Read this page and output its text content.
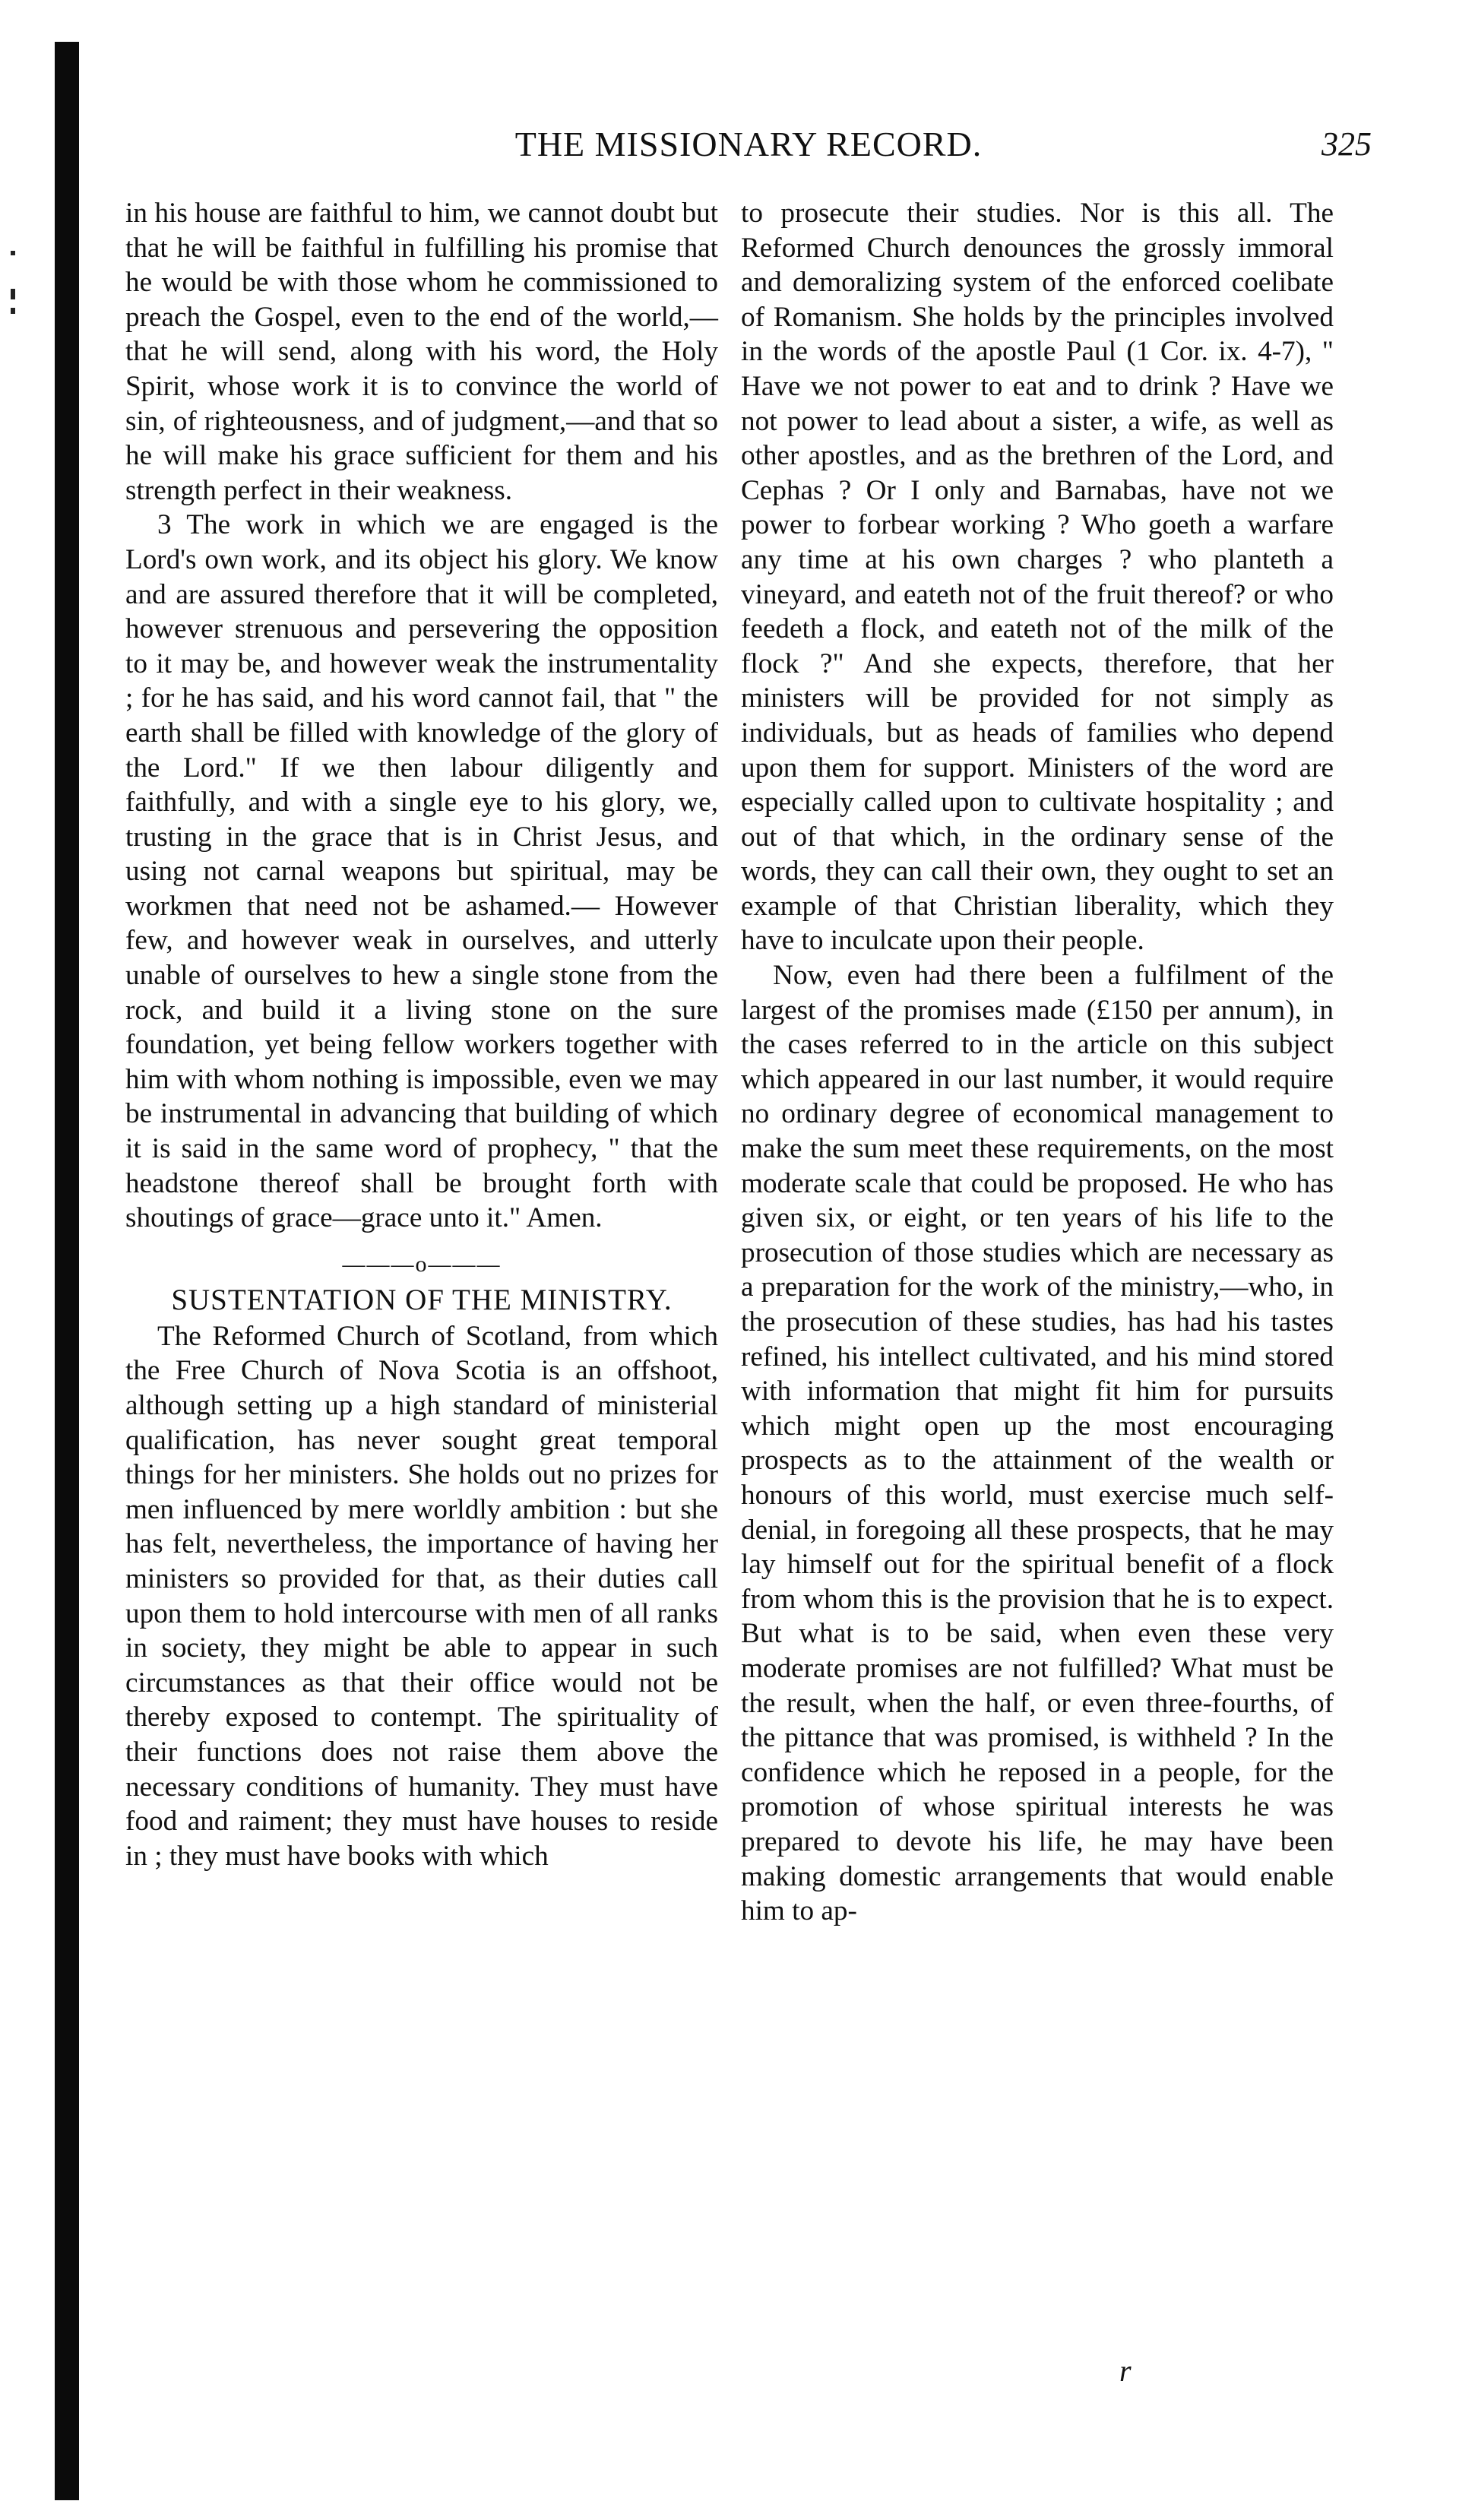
THE MISSIONARY RECORD.	325

in his house are faithful to him, we cannot doubt but that he will be faithful in fulfilling his promise that he would be with those whom he commissioned to preach the Gospel, even to the end of the world,—that he will send, along with his word, the Holy Spirit, whose work it is to convince the world of sin, of righteousness, and of judgment,—and that so he will make his grace sufficient for them and his strength perfect in their weakness.

3 The work in which we are engaged is the Lord's own work, and its object his glory. We know and are assured therefore that it will be completed, however strenuous and persevering the opposition to it may be, and however weak the instrumentality ; for he has said, and his word cannot fail, that " the earth shall be filled with knowledge of the glory of the Lord." If we then labour diligently and faithfully, and with a single eye to his glory, we, trusting in the grace that is in Christ Jesus, and using not carnal weapons but spiritual, may be workmen that need not be ashamed.— However few, and however weak in ourselves, and utterly unable of ourselves to hew a single stone from the rock, and build it a living stone on the sure foundation, yet being fellow workers together with him with whom nothing is impossible, even we may be instrumental in advancing that building of which it is said in the same word of prophecy, " that the headstone thereof shall be brought forth with shoutings of grace—grace unto it." Amen.

———o———
SUSTENTATION OF THE MINISTRY.

The Reformed Church of Scotland, from which the Free Church of Nova Scotia is an offshoot, although setting up a high standard of ministerial qualification, has never sought great temporal things for her ministers. She holds out no prizes for men influenced by mere worldly ambition : but she has felt, nevertheless, the importance of having her ministers so provided for that, as their duties call upon them to hold intercourse with men of all ranks in society, they might be able to appear in such circumstances as that their office would not be thereby exposed to contempt. The spirituality of their functions does not raise them above the necessary conditions of humanity. They must have food and raiment; they must have houses to reside in ; they must have books with which

to prosecute their studies. Nor is this all. The Reformed Church denounces the grossly immoral and demoralizing system of the enforced coelibate of Romanism. She holds by the principles involved in the words of the apostle Paul (1 Cor. ix. 4-7), " Have we not power to eat and to drink ? Have we not power to lead about a sister, a wife, as well as other apostles, and as the brethren of the Lord, and Cephas ? Or I only and Barnabas, have not we power to forbear working ? Who goeth a warfare any time at his own charges ? who planteth a vineyard, and eateth not of the fruit thereof? or who feedeth a flock, and eateth not of the milk of the flock ?" And she expects, therefore, that her ministers will be provided for not simply as individuals, but as heads of families who depend upon them for support. Ministers of the word are especially called upon to cultivate hospitality ; and out of that which, in the ordinary sense of the words, they can call their own, they ought to set an example of that Christian liberality, which they have to inculcate upon their people.

Now, even had there been a fulfilment of the largest of the promises made (£150 per annum), in the cases referred to in the article on this subject which appeared in our last number, it would require no ordinary degree of economical management to make the sum meet these requirements, on the most moderate scale that could be proposed. He who has given six, or eight, or ten years of his life to the prosecution of those studies which are necessary as a preparation for the work of the ministry,—who, in the prosecution of these studies, has had his tastes refined, his intellect cultivated, and his mind stored with information that might fit him for pursuits which might open up the most encouraging prospects as to the attainment of the wealth or honours of this world, must exercise much self-denial, in foregoing all these prospects, that he may lay himself out for the spiritual benefit of a flock from whom this is the provision that he is to expect. But what is to be said, when even these very moderate promises are not fulfilled? What must be the result, when the half, or even three-fourths, of the pittance that was promised, is withheld ? In the confidence which he reposed in a people, for the promotion of whose spiritual interests he was prepared to devote his life, he may have been making domestic arrangements that would enable him to ap-

r
